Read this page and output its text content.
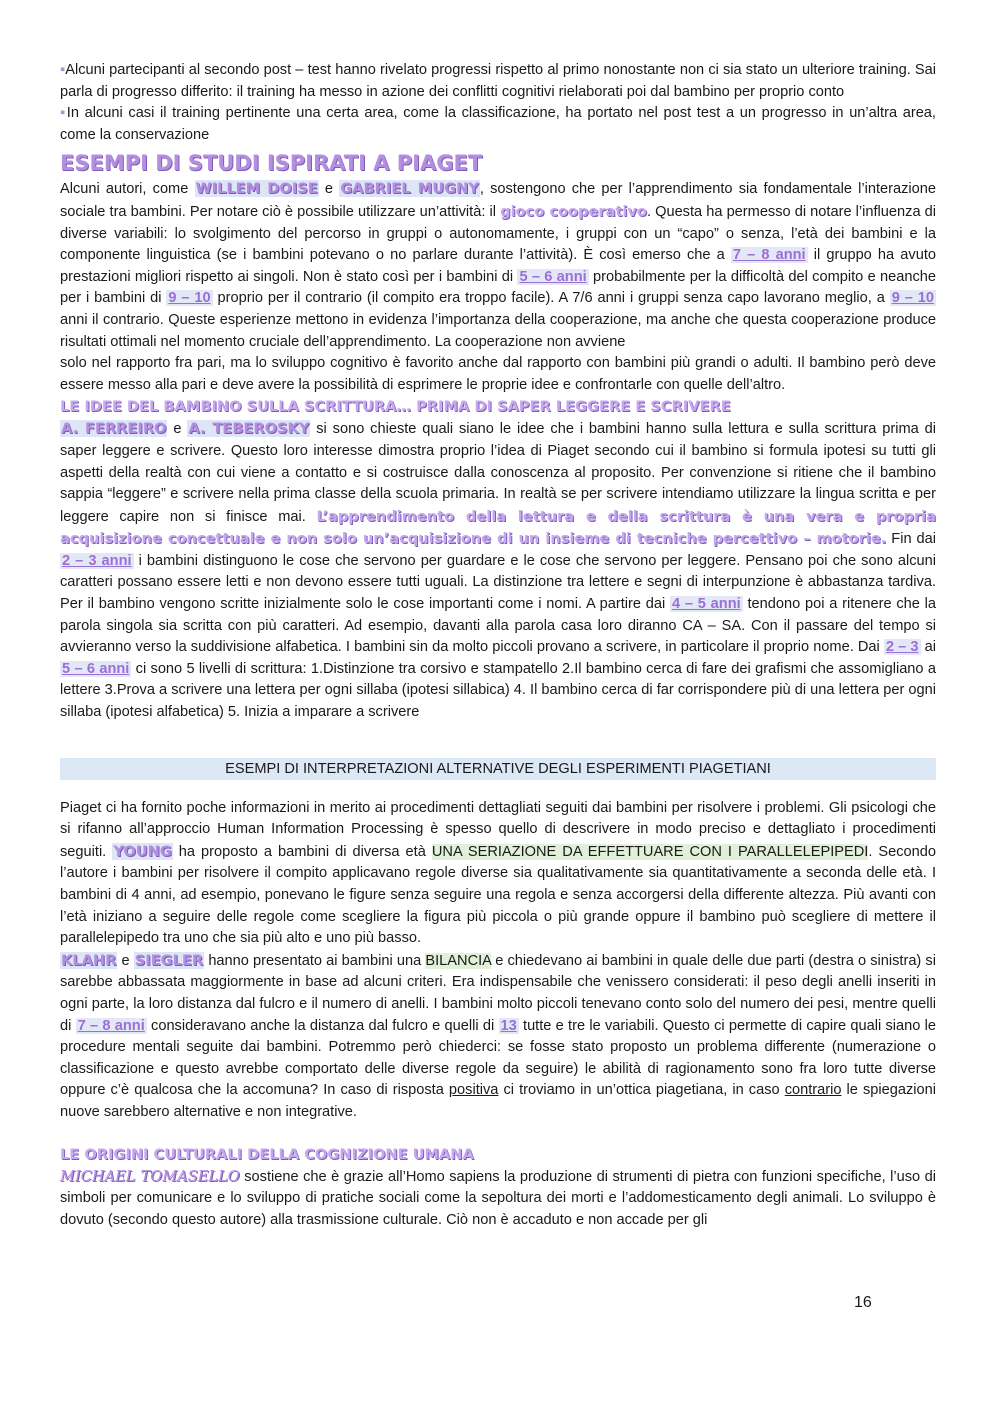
▪Alcuni partecipanti al secondo post – test hanno rivelato progressi rispetto al primo nonostante non ci sia stato un ulteriore training. Sai parla di progresso differito: il training ha messo in azione dei conflitti cognitivi rielaborati poi dal bambino per proprio conto

▪In alcuni casi il training pertinente una certa area, come la classificazione, ha portato nel post test a un progresso in un’altra area, come la conservazione

ESEMPI DI STUDI ISPIRATI A PIAGET

Alcuni autori, come WILLEM DOISE e GABRIEL MUGNY, sostengono che per l’apprendimento sia fondamentale l’interazione sociale tra bambini. Per notare ciò è possibile utilizzare un’attività: il gioco cooperativo. Questa ha permesso di notare l’influenza di diverse variabili: lo svolgimento del percorso in gruppi o autonomamente, i gruppi con un “capo” o senza, l’età dei bambini e la componente linguistica (se i bambini potevano o no parlare durante l’attività). È così emerso che a 7 – 8 anni il gruppo ha avuto prestazioni migliori rispetto ai singoli. Non è stato così per i bambini di 5 – 6 anni probabilmente per la difficoltà del compito e neanche per i bambini di 9 – 10 proprio per il contrario (il compito era troppo facile). A 7/6 anni i gruppi senza capo lavorano meglio, a 9 – 10 anni il contrario. Queste esperienze mettono in evidenza l’importanza della cooperazione, ma anche che questa cooperazione produce risultati ottimali nel momento cruciale dell’apprendimento. La cooperazione non avviene

solo nel rapporto fra pari, ma lo sviluppo cognitivo è favorito anche dal rapporto con bambini più grandi o adulti. Il bambino però deve essere messo alla pari e deve avere la possibilità di esprimere le proprie idee e confrontarle con quelle dell’altro.

LE IDEE DEL BAMBINO SULLA SCRITTURA… PRIMA DI SAPER LEGGERE E SCRIVERE

A. FERREIRO e A. TEBEROSKY si sono chieste quali siano le idee che i bambini hanno sulla lettura e sulla scrittura prima di saper leggere e scrivere. Questo loro interesse dimostra proprio l’idea di Piaget secondo cui il bambino si formula ipotesi su tutti gli aspetti della realtà con cui viene a contatto e si costruisce dalla conoscenza al proposito. Per convenzione si ritiene che il bambino sappia “leggere” e scrivere nella prima classe della scuola primaria. In realtà se per scrivere intendiamo utilizzare la lingua scritta e per leggere capire non si finisce mai. L’apprendimento della lettura e della scrittura è una vera e propria acquisizione concettuale e non solo un’acquisizione di un insieme di tecniche percettivo – motorie. Fin dai 2 – 3 anni i bambini distinguono le cose che servono per guardare e le cose che servono per leggere. Pensano poi che sono alcuni caratteri possano essere letti e non devono essere tutti uguali. La distinzione tra lettere e segni di interpunzione è abbastanza tardiva. Per il bambino vengono scritte inizialmente solo le cose importanti come i nomi. A partire dai 4 – 5 anni tendono poi a ritenere che la parola singola sia scritta con più caratteri. Ad esempio, davanti alla parola casa loro diranno CA – SA. Con il passare del tempo si avvieranno verso la suddivisione alfabetica. I bambini sin da molto piccoli provano a scrivere, in particolare il proprio nome. Dai 2 – 3 ai 5 – 6 anni ci sono 5 livelli di scrittura: 1.Distinzione tra corsivo e stampatello 2.Il bambino cerca di fare dei grafismi che assomigliano a lettere 3.Prova a scrivere una lettera per ogni sillaba (ipotesi sillabica) 4. Il bambino cerca di far corrispondere più di una lettera per ogni sillaba (ipotesi alfabetica) 5. Inizia a imparare a scrivere

ESEMPI DI INTERPRETAZIONI ALTERNATIVE DEGLI ESPERIMENTI PIAGETIANI

Piaget ci ha fornito poche informazioni in merito ai procedimenti dettagliati seguiti dai bambini per risolvere i problemi. Gli psicologi che si rifanno all’approccio Human Information Processing è spesso quello di descrivere in modo preciso e dettagliato i procedimenti seguiti. YOUNG ha proposto a bambini di diversa età UNA SERIAZIONE DA EFFETTUARE CON I PARALLELEPIPEDI. Secondo l’autore i bambini per risolvere il compito applicavano regole diverse sia qualitativamente sia quantitativamente a seconda delle età. I bambini di 4 anni, ad esempio, ponevano le figure senza seguire una regola e senza accorgersi della differente altezza. Più avanti con l’età iniziano a seguire delle regole come scegliere la figura più piccola o più grande oppure il bambino può scegliere di mettere il parallelepipedo tra uno che sia più alto e uno più basso.

KLAHR e SIEGLER hanno presentato ai bambini una BILANCIA e chiedevano ai bambini in quale delle due parti (destra o sinistra) si sarebbe abbassata maggiormente in base ad alcuni criteri. Era indispensabile che venissero considerati: il peso degli anelli inseriti in ogni parte, la loro distanza dal fulcro e il numero di anelli. I bambini molto piccoli tenevano conto solo del numero dei pesi, mentre quelli di 7 – 8 anni consideravano anche la distanza dal fulcro e quelli di 13 tutte e tre le variabili. Questo ci permette di capire quali siano le procedure mentali seguite dai bambini. Potremmo però chiederci: se fosse stato proposto un problema differente (numerazione o classificazione e questo avrebbe comportato delle diverse regole da seguire) le abilità di ragionamento sono fra loro tutte diverse oppure c’è qualcosa che la accomuna? In caso di risposta positiva ci troviamo in un’ottica piagetiana, in caso contrario le spiegazioni nuove sarebbero alternative e non integrative.

LE ORIGINI CULTURALI DELLA COGNIZIONE UMANA

MICHAEL TOMASELLO sostiene che è grazie all’Homo sapiens la produzione di strumenti di pietra con funzioni specifiche, l’uso di simboli per comunicare e lo sviluppo di pratiche sociali come la sepoltura dei morti e l’addomesticamento degli animali. Lo sviluppo è dovuto (secondo questo autore) alla trasmissione culturale. Ciò non è accaduto e non accade per gli

16
